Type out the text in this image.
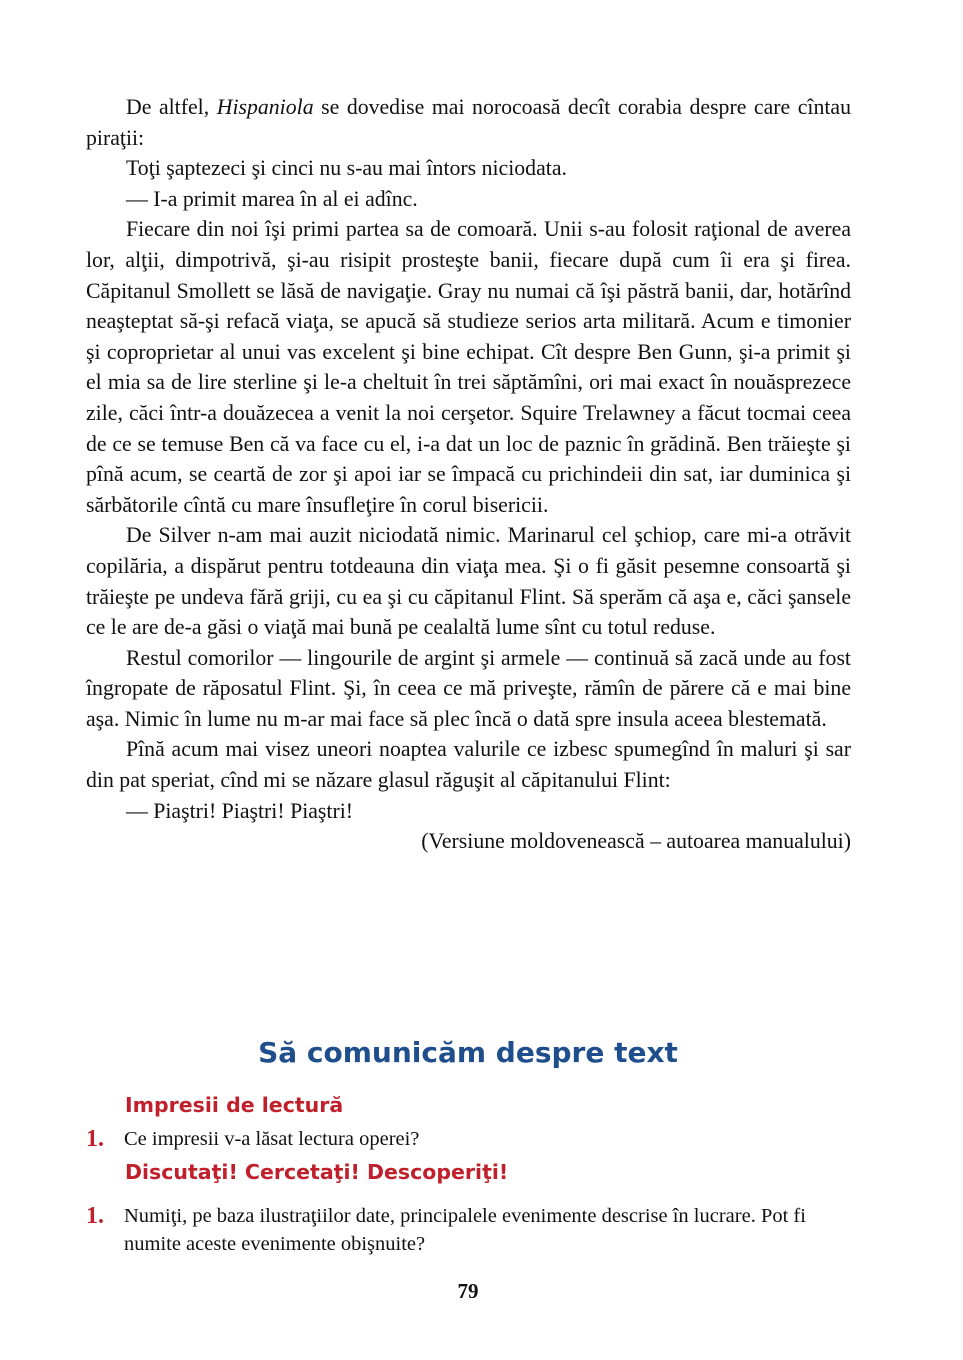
De altfel, Hispaniola se dovedise mai norocoasă decît corabia despre care cîntau piraţii:

Toţi şaptezeci şi cinci nu s-au mai întors niciodata.

— I-a primit marea în al ei adînc.

Fiecare din noi îşi primi partea sa de comoară. Unii s-au folosit raţional de averea lor, alţii, dimpotrivă, şi-au risipit prosteşte banii, fiecare după cum îi era şi firea. Căpitanul Smollett se lăsă de navigaţie. Gray nu numai că îşi păstră banii, dar, hotărînd neaşteptat să-şi refacă viaţa, se apucă să studieze serios arta militară. Acum e timonier şi coproprietar al unui vas excelent şi bine echipat. Cît despre Ben Gunn, şi-a primit şi el mia sa de lire sterline şi le-a cheltuit în trei săptămîni, ori mai exact în nouăsprezece zile, căci într-a douăzecea a venit la noi cerşetor. Squire Trelawney a făcut tocmai ceea de ce se temuse Ben că va face cu el, i-a dat un loc de paznic în grădină. Ben trăieşte şi pînă acum, se ceartă de zor şi apoi iar se împacă cu prichindeii din sat, iar duminica şi sărbătorile cîntă cu mare însufleţire în corul bisericii.

De Silver n-am mai auzit niciodată nimic. Marinarul cel şchiop, care mi-a otrăvit copilăria, a dispărut pentru totdeauna din viaţa mea. Şi o fi găsit pesemne consoartă şi trăieşte pe undeva fără griji, cu ea şi cu căpitanul Flint. Să sperăm că aşa e, căci şansele ce le are de-a găsi o viaţă mai bună pe cealaltă lume sînt cu totul reduse.

Restul comorilor — lingourile de argint şi armele — continuă să zacă unde au fost îngropate de răposatul Flint. Şi, în ceea ce mă priveşte, rămîn de părere că e mai bine aşa. Nimic în lume nu m-ar mai face să plec încă o dată spre insula aceea blestemată.

Pînă acum mai visez uneori noaptea valurile ce izbesc spumegînd în maluri şi sar din pat speriat, cînd mi se năzare glasul răguşit al căpitanului Flint:

— Piaştri! Piaştri! Piaştri!

(Versiune moldovenească – autoarea manualului)

Să comunicăm despre text
Impresii de lectură
1. Ce impresii v-a lăsat lectura operei?
Discutaţi! Cercetaţi! Descoperiţi!
1. Numiţi, pe baza ilustraţiilor date, principalele evenimente descrise în lucrare. Pot fi numite aceste evenimente obişnuite?
79
